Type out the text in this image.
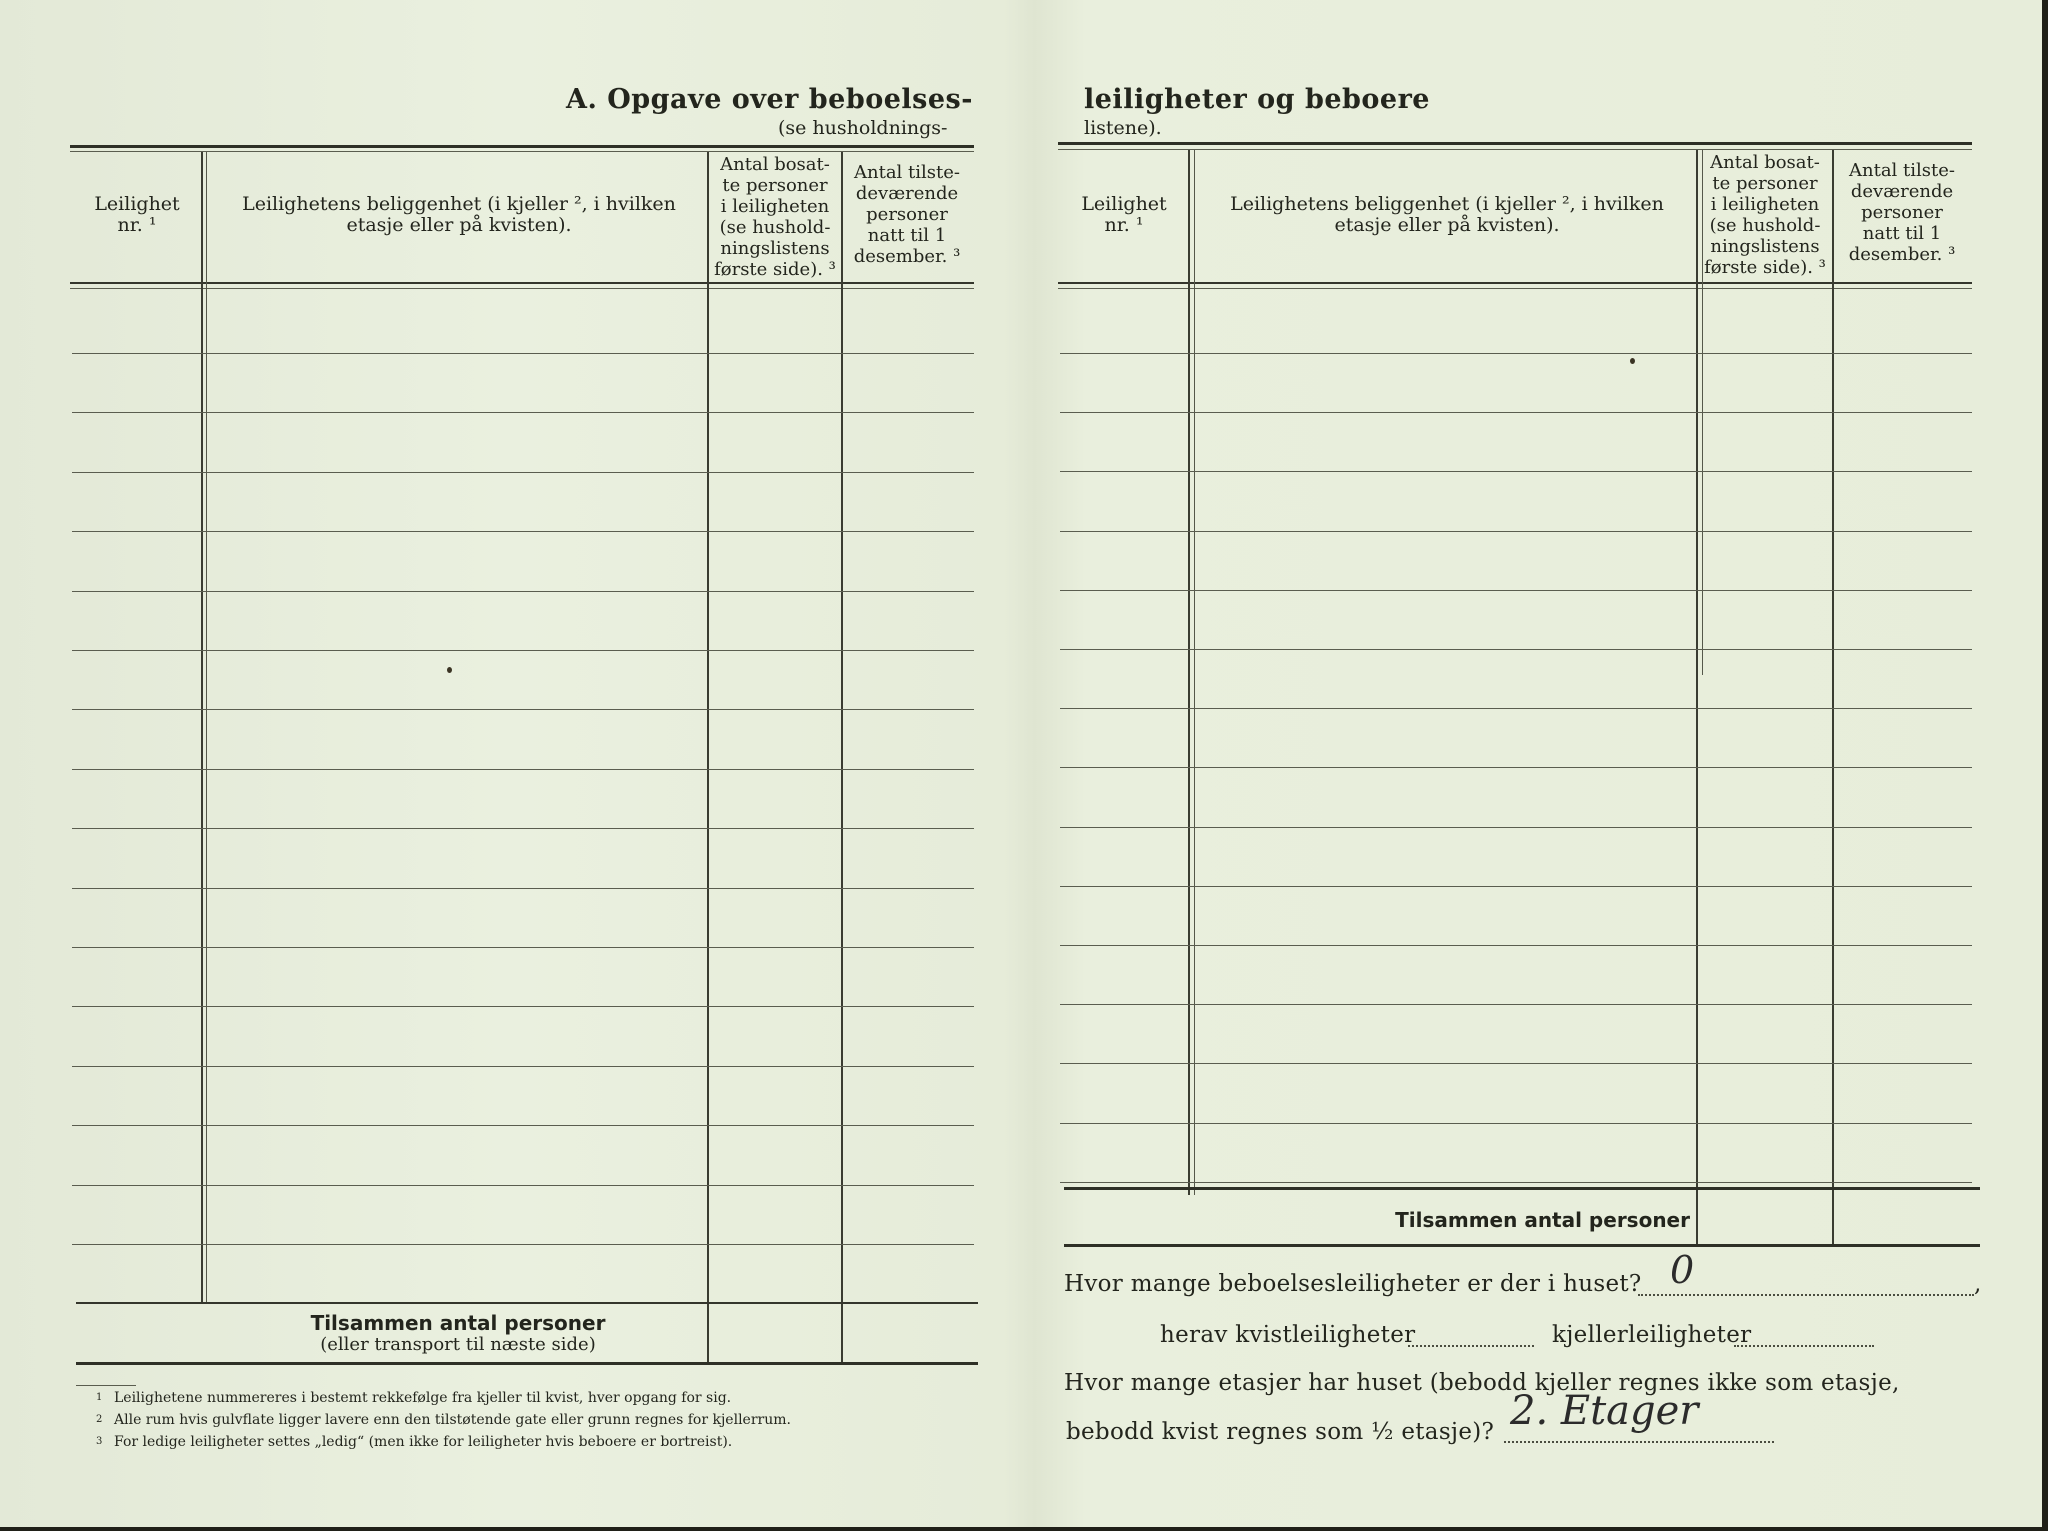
A. Opgave over beboelses-
(se husholdnings-
Leilighet
nr. ¹
Leilighetens beliggenhet (i kjeller ², i hvilken
etasje eller på kvisten).
Antal bosat-
te personer
i leiligheten
(se hushold-
ningslistens
første side). ³
Antal tilste-
deværende
personer
natt til 1
desember. ³
Tilsammen antal personer
(eller transport til næste side)
1 Leilighetene nummereres i bestemt rekkefølge fra kjeller til kvist, hver opgang for sig.
2 Alle rum hvis gulvflate ligger lavere enn den tilstøtende gate eller grunn regnes for kjellerrum.
3 For ledige leiligheter settes „ledig“ (men ikke for leiligheter hvis beboere er bortreist).
leiligheter og beboere
listene).
Leilighet
nr. ¹
Leilighetens beliggenhet (i kjeller ², i hvilken
etasje eller på kvisten).
Antal bosat-
te personer
i leiligheten
(se hushold-
ningslistens
første side). ³
Antal tilste-
deværende
personer
natt til 1
desember. ³
Tilsammen antal personer
Hvor mange beboelsesleiligheter er der i huset? 0	,
herav kvistleiligheter	kjellerleiligheter
Hvor mange etasjer har huset (bebodd kjeller regnes ikke som etasje,
bebodd kvist regnes som ½ etasje)? 2. Etager
